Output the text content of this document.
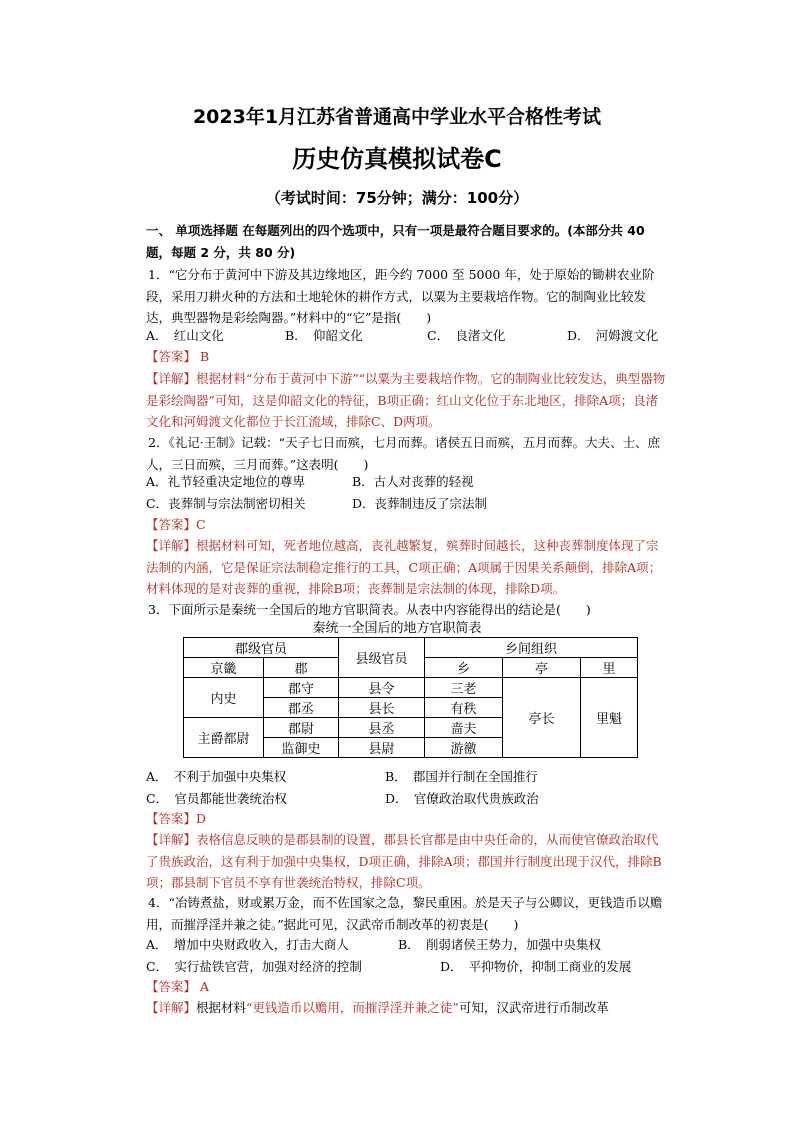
2023年1月江苏省普通高中学业水平合格性考试
历史仿真模拟试卷C
（考试时间：75分钟；满分：100分）
一、 单项选择题 在每题列出的四个选项中，只有一项是最符合题目要求的。(本部分共 40 题，每题 2 分，共 80 分)
1．“它分布于黄河中下游及其边缘地区，距今约 7000 至 5000 年，处于原始的锄耕农业阶段，采用刀耕火种的方法和土地轮休的耕作方式，以粟为主要栽培作物。它的制陶业比较发达，典型器物是彩绘陶器。”材料中的“它”是指(　　)
A．　红山文化	B．　仰韶文化	C．　良渚文化	D．　河姆渡文化
【答案】 B
【详解】根据材料“分布于黄河中下游”“以粟为主要栽培作物。它的制陶业比较发达，典型器物是彩绘陶器”可知，这是仰韶文化的特征，B项正确；红山文化位于东北地区，排除A项；良渚文化和河姆渡文化都位于长江流域，排除C、D两项。
2．《礼记·王制》记载：“天子七日而殡，七月而葬。诸侯五日而殡，五月而葬。大夫、士、庶人，三日而殡，三月而葬。”这表明(　　)
A．礼节轻重决定地位的尊卑	B．古人对丧葬的轻视
C．丧葬制与宗法制密切相关	D．丧葬制违反了宗法制
【答案】C
【详解】根据材料可知，死者地位越高，丧礼越繁复，殡葬时间越长，这种丧葬制度体现了宗法制的内涵，它是保证宗法制稳定推行的工具，C项正确；A项属于因果关系颠倒，排除A项；材料体现的是对丧葬的重视，排除B项；丧葬制是宗法制的体现，排除D项。
3．下面所示是秦统一全国后的地方官职简表。从表中内容能得出的结论是(　　)
秦统一全国后的地方官职简表
郡级官员		县级官员	乡间组织		
京畿	郡		乡	亭	里
内史	郡守	县令	三老	亭长	里魁
	郡丞	县长	有秩		
主爵都尉	郡尉	县丞	啬夫		
	监御史	县尉	游徼		
A．　不利于加强中央集权	B．　郡国并行制在全国推行
C．　官员都能世袭统治权	D．　官僚政治取代贵族政治
【答案】D
【详解】表格信息反映的是郡县制的设置，郡县长官都是由中央任命的，从而使官僚政治取代了贵族政治，这有利于加强中央集权，D项正确，排除A项；郡国并行制度出现于汉代，排除B项；郡县制下官员不享有世袭统治特权，排除C项。
4．“冶铸煮盐，财或累万金，而不佐国家之急，黎民重困。於是天子与公卿议，更钱造币以赡用，而摧浮淫并兼之徒。”据此可见，汉武帝币制改革的初衷是(　　)
A．　增加中央财政收入，打击大商人	B．　削弱诸侯王势力，加强中央集权
C．　实行盐铁官营，加强对经济的控制	D．　平抑物价，抑制工商业的发展
【答案】 A
【详解】根据材料“更钱造币以赡用，而摧浮淫并兼之徒”可知，汉武帝进行币制改革
